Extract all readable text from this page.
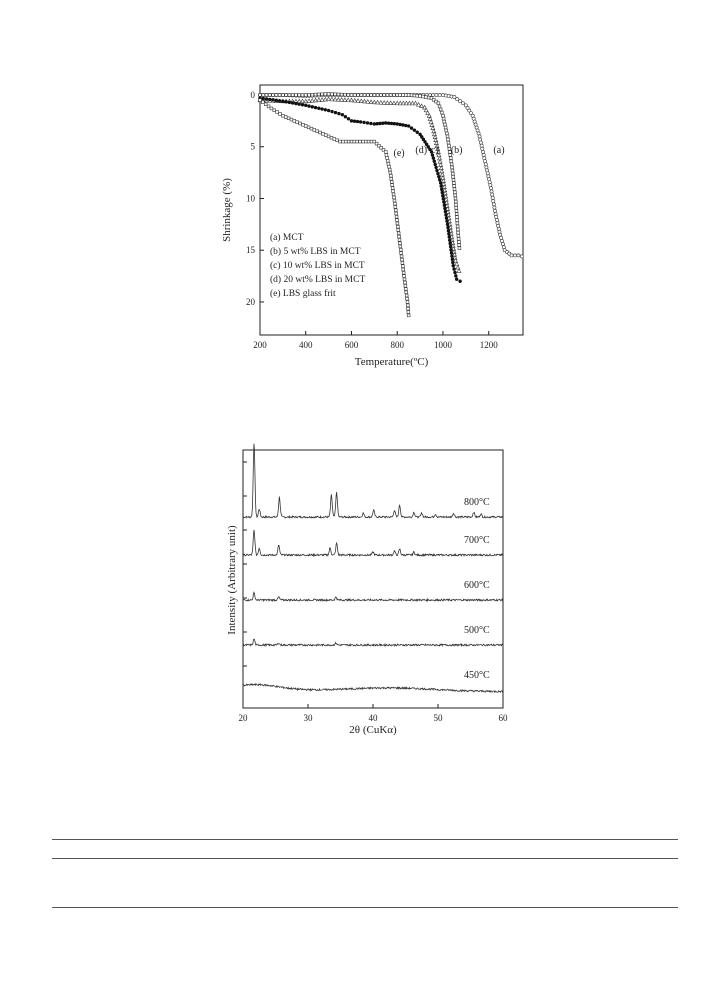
200	400	600	800	1000	1200
0
5
10
15
20
(a) MCT
(b) 5 wt% LBS in MCT
(c) 10 wt% LBS in MCT
(d) 20 wt% LBS in MCT
(e) LBS glass frit
(a)
(b)
c)
(d)
(e)
Temperature(ºC)
Shrinkage (%)
20	30	40	50	60
800°C
700°C
600°C
500°C
450°C
2θ (CuKα)
Intensity (Arbitrary unit)
